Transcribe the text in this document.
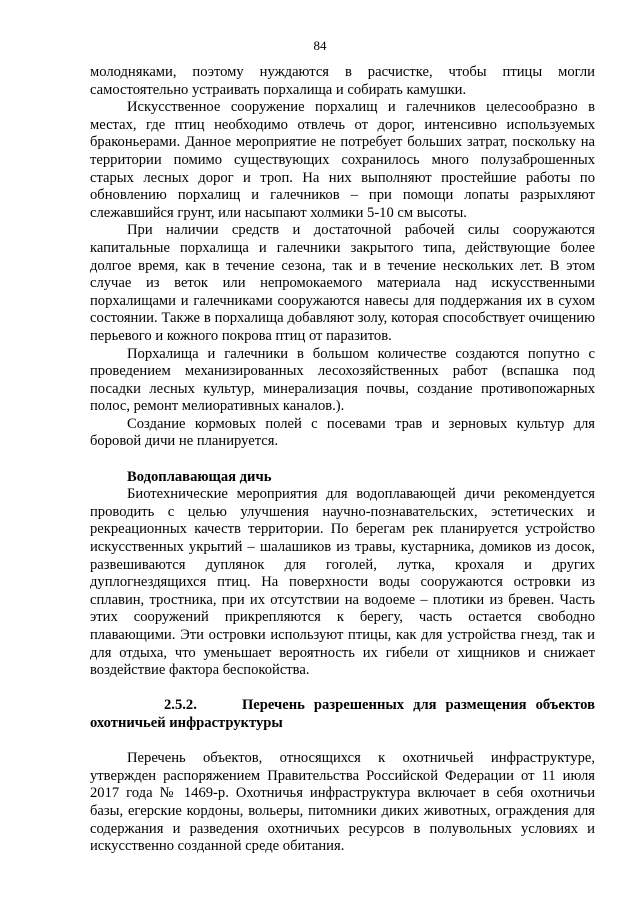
84

молодняками, поэтому нуждаются в расчистке, чтобы птицы могли самостоятельно устраивать порхалища и собирать камушки.

Искусственное сооружение порхалищ и галечников целесообразно в местах, где птиц необходимо отвлечь от дорог, интенсивно используемых браконьерами. Данное мероприятие не потребует больших затрат, поскольку на территории помимо существующих сохранилось много полузаброшенных старых лесных дорог и троп. На них выполняют простейшие работы по обновлению порхалищ и галечников – при помощи лопаты разрыхляют слежавшийся грунт, или насыпают холмики 5-10 см высоты.

При наличии средств и достаточной рабочей силы сооружаются капитальные порхалища и галечники закрытого типа, действующие более долгое время, как в течение сезона, так и в течение нескольких лет. В этом случае из веток или непромокаемого материала над искусственными порхалищами и галечниками сооружаются навесы для поддержания их в сухом состоянии. Также в порхалища добавляют золу, которая способствует очищению перьевого и кожного покрова птиц от паразитов.

Порхалища и галечники в большом количестве создаются попутно с проведением механизированных лесохозяйственных работ (вспашка под посадки лесных культур, минерализация почвы, создание противопожарных полос, ремонт мелиоративных каналов.).

Создание кормовых полей с посевами трав и зерновых культур для боровой дичи не планируется.

Водоплавающая дичь

Биотехнические мероприятия для водоплавающей дичи рекомендуется проводить с целью улучшения научно-познавательских, эстетических и рекреационных качеств территории. По берегам рек планируется устройство искусственных укрытий – шалашиков из травы, кустарника, домиков из досок, развешиваются дуплянок для гоголей, лутка, крохаля и других дуплогнездящихся птиц. На поверхности воды сооружаются островки из сплавин, тростника, при их отсутствии на водоеме – плотики из бревен. Часть этих сооружений прикрепляются к берегу, часть остается свободно плавающими. Эти островки используют птицы, как для устройства гнезд, так и для отдыха, что уменьшает вероятность их гибели от хищников и снижает воздействие фактора беспокойства.

2.5.2.	Перечень разрешенных для размещения объектов охотничьей инфраструктуры

Перечень объектов, относящихся к охотничьей инфраструктуре, утвержден распоряжением Правительства Российской Федерации от 11 июля 2017 года № 1469-р. Охотничья инфраструктура включает в себя охотничьи базы, егерские кордоны, вольеры, питомники диких животных, ограждения для содержания и разведения охотничьих ресурсов в полувольных условиях и искусственно созданной среде обитания.
